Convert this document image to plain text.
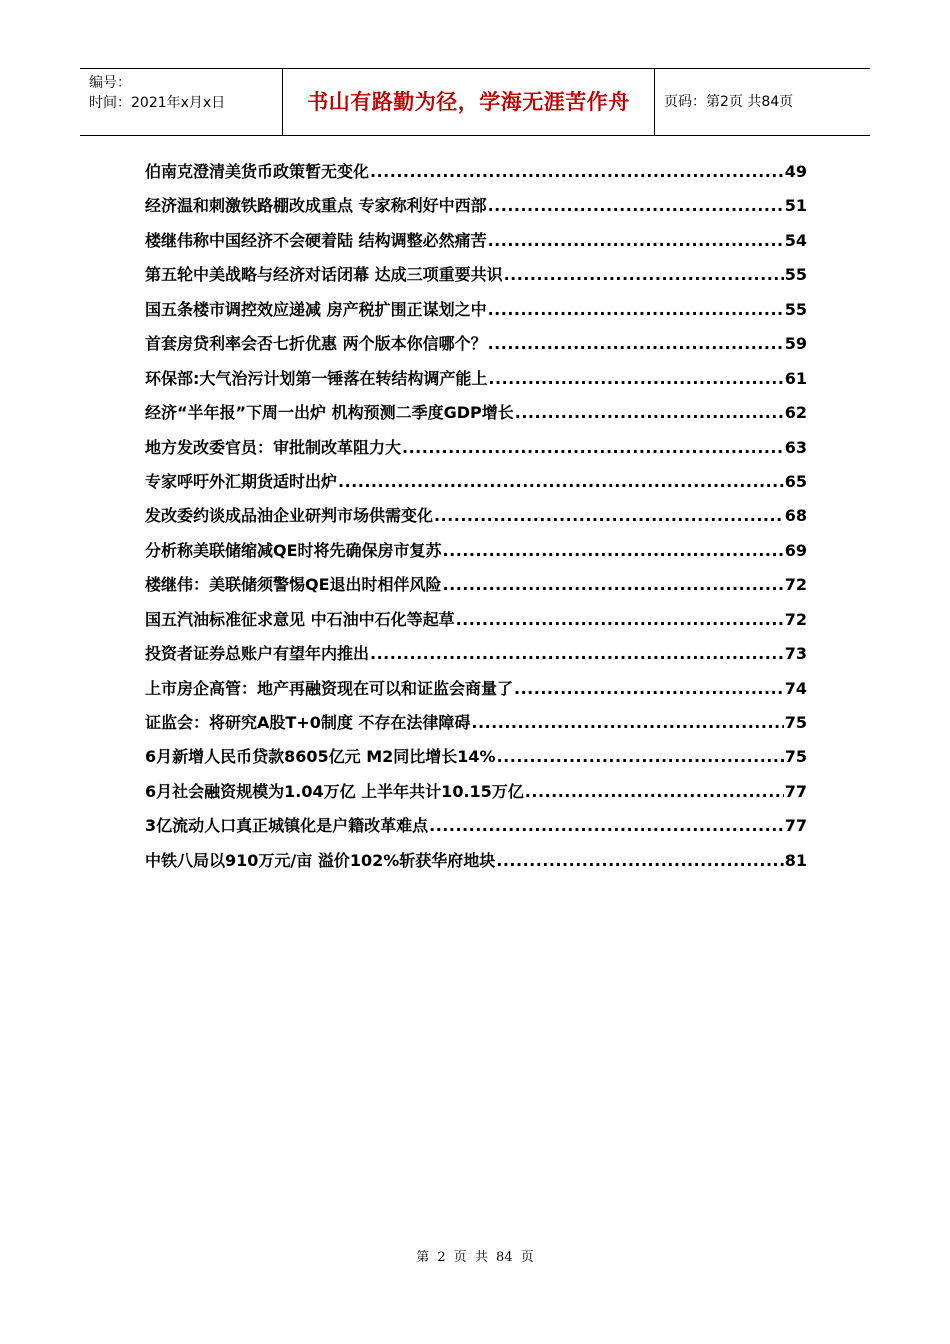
编号：
时间：2021年x月x日	书山有路勤为径，学海无涯苦作舟	页码：第2页 共84页
伯南克澄清美货币政策暂无变化 .....	49
经济温和刺激铁路棚改成重点 专家称利好中西部 .....	51
楼继伟称中国经济不会硬着陆 结构调整必然痛苦 .....	54
第五轮中美战略与经济对话闭幕 达成三项重要共识 .....	55
国五条楼市调控效应递减 房产税扩围正谋划之中 .....	55
首套房贷利率会否七折优惠 两个版本你信哪个？ .....	59
环保部:大气治污计划第一锤落在转结构调产能上 .....	61
经济“半年报”下周一出炉 机构预测二季度GDP增长 .....	62
地方发改委官员：审批制改革阻力大 .....	63
专家呼吁外汇期货适时出炉 .....	65
发改委约谈成品油企业研判市场供需变化 .....	68
分析称美联储缩减QE时将先确保房市复苏 .....	69
楼继伟：美联储须警惕QE退出时相伴风险 .....	72
国五汽油标准征求意见 中石油中石化等起草 .....	72
投资者证券总账户有望年内推出 .....	73
上市房企高管：地产再融资现在可以和证监会商量了 .....	74
证监会：将研究A股T+0制度 不存在法律障碍 .....	75
6月新增人民币贷款8605亿元 M2同比增长14% .....	75
6月社会融资规模为1.04万亿 上半年共计10.15万亿 .....	77
3亿流动人口真正城镇化是户籍改革难点 .....	77
中铁八局以910万元/亩 溢价102%斩获华府地块 .....	81
第 2 页 共 84 页
